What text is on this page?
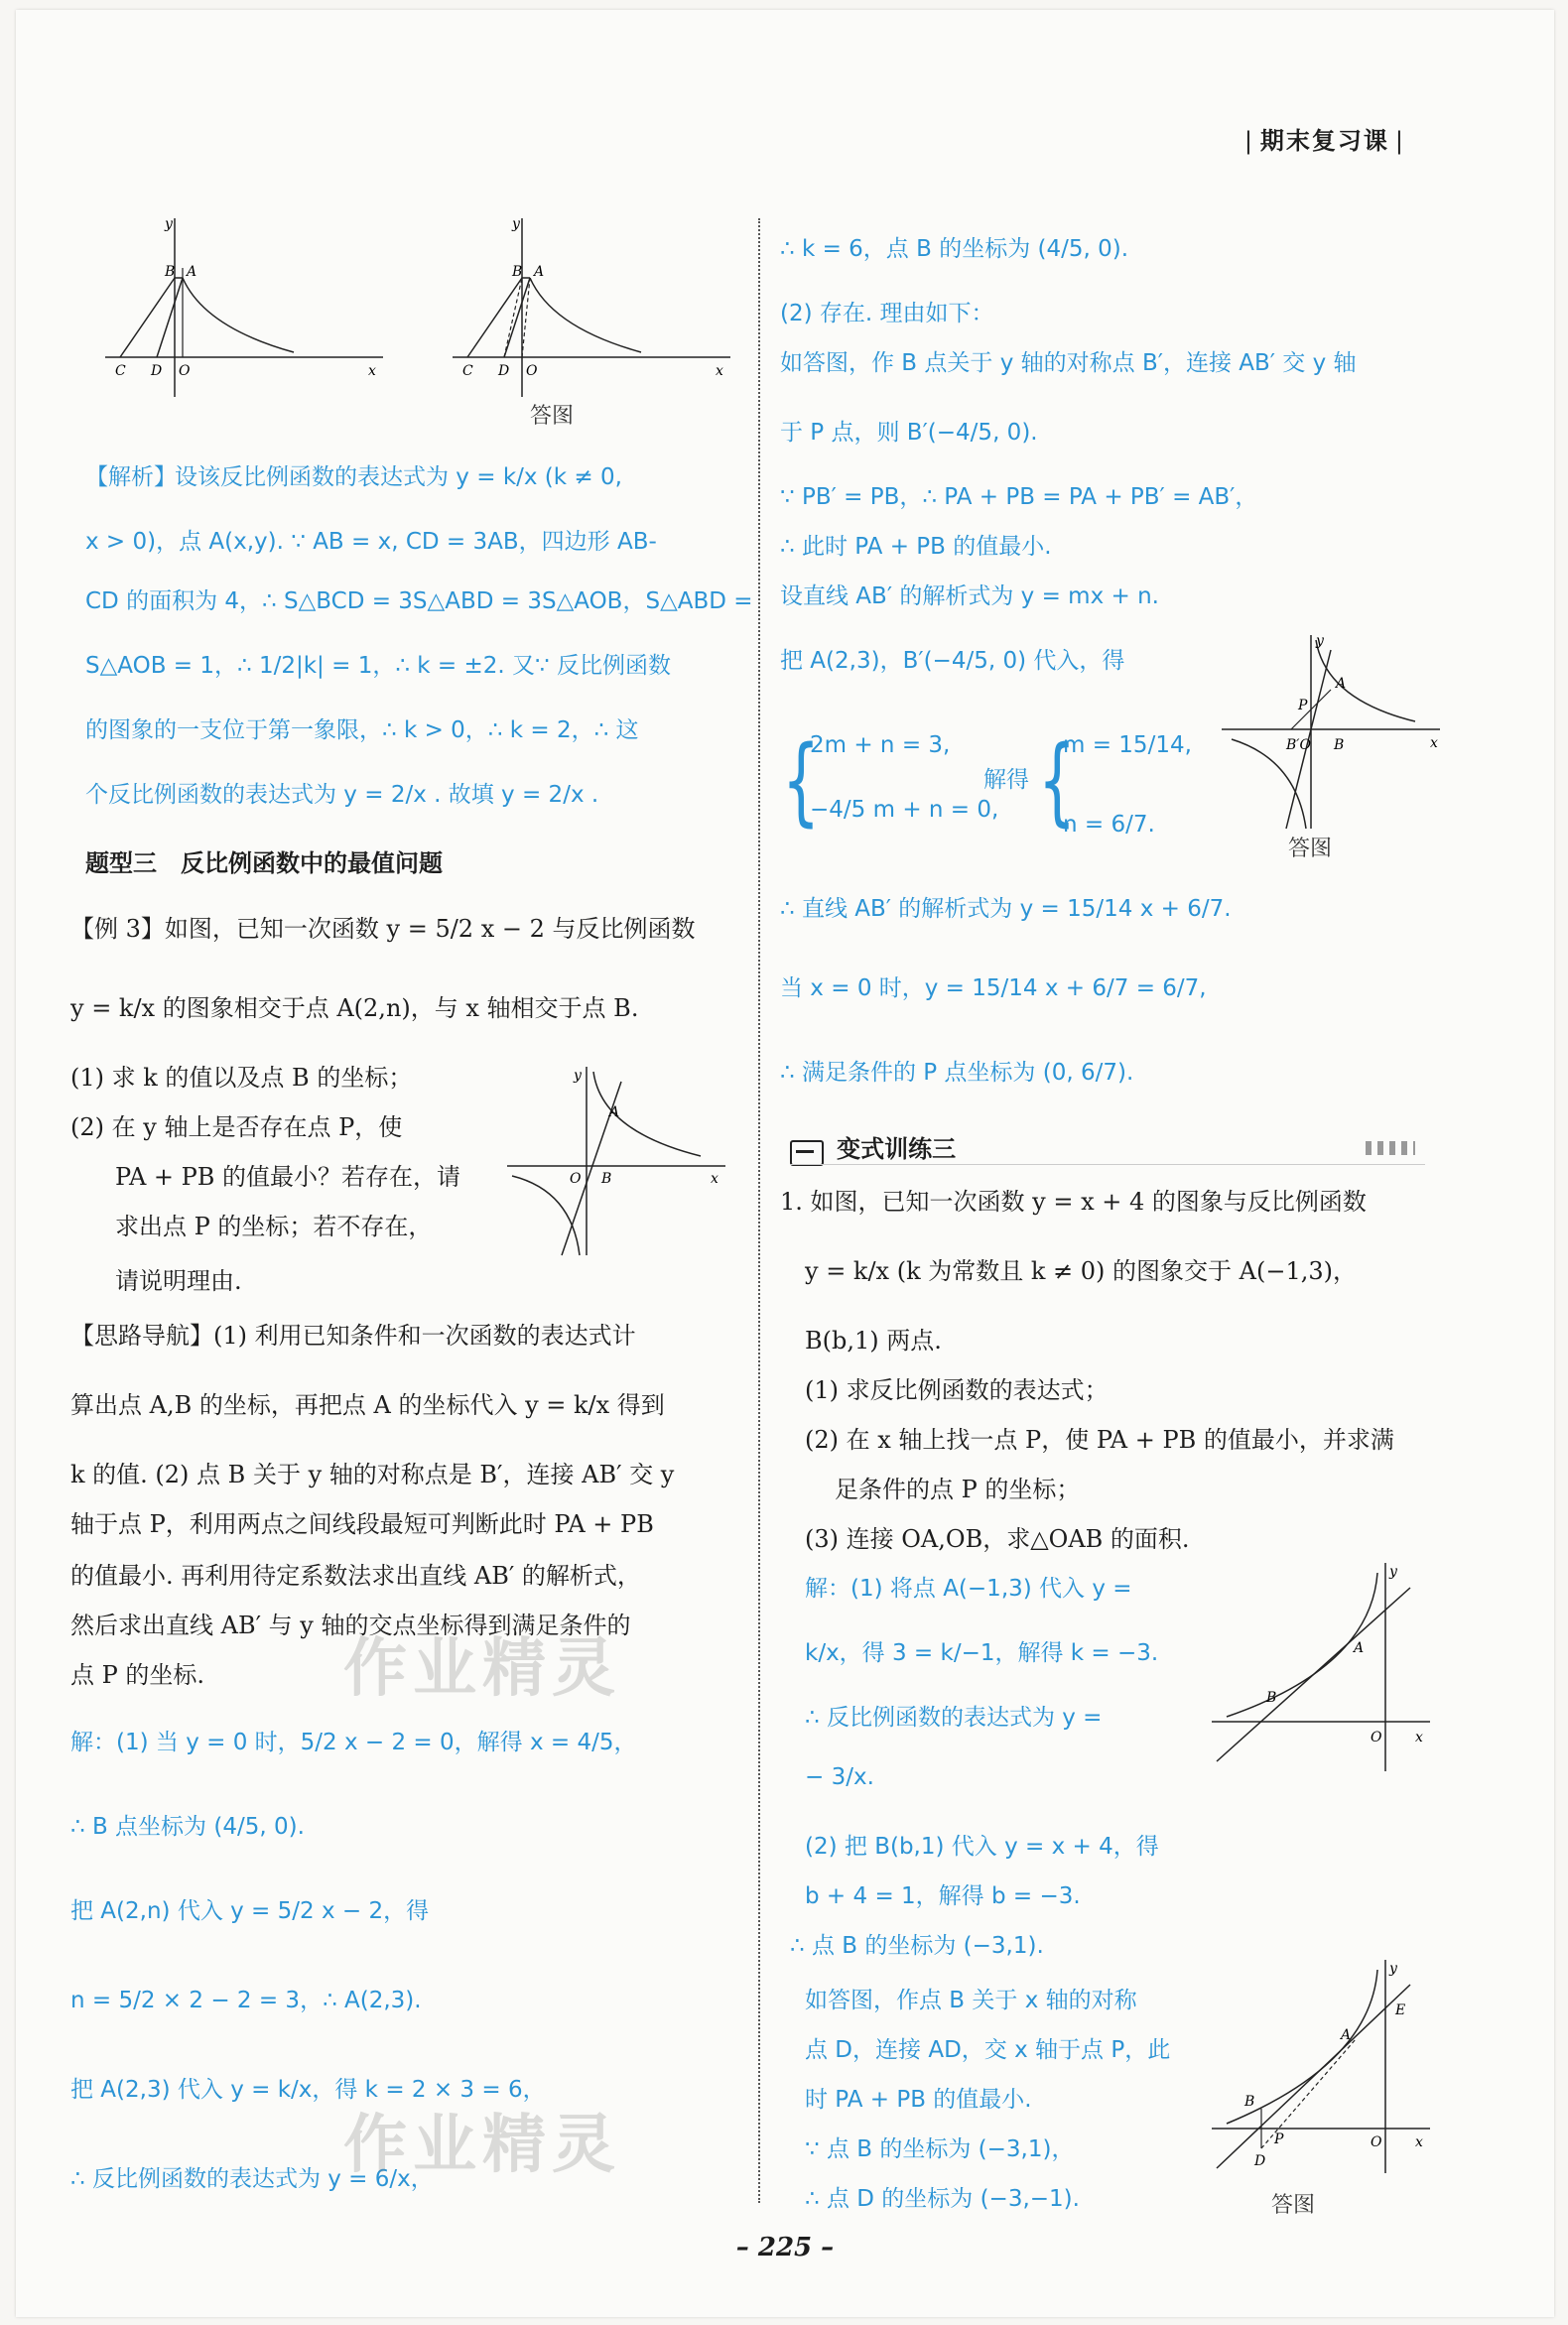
| 期末复习课 |
B A
C D O	x
y
B A
C D O	x
y
答图
【解析】
设该反比例函数的表达式为 y = k/x (k ≠ 0,
x > 0)，点 A(x,y). ∵ AB = x, CD = 3AB，四边形 AB-
CD 的面积为 4，∴ S△BCD = 3S△ABD = 3S△AOB，S△ABD =
S△AOB = 1，∴ 1/2|k| = 1，∴ k = ±2. 又∵ 反比例函数
的图象的一支位于第一象限，∴ k > 0，∴ k = 2，∴ 这
个反比例函数的表达式为 y = 2/x . 故填 y = 2/x .
题型三　反比例函数中的最值问题
【例 3】如图，已知一次函数 y = 5/2 x − 2 与反比例函数
y = k/x 的图象相交于点 A(2,n)，与 x 轴相交于点 B.
(1) 求 k 的值以及点 B 的坐标；
(2) 在 y 轴上是否存在点 P，使
PA + PB 的值最小？若存在，请
求出点 P 的坐标；若不存在，
请说明理由.
O B
A
x
y
【思路导航】(1) 利用已知条件和一次函数的表达式计
算出点 A,B 的坐标，再把点 A 的坐标代入 y = k/x 得到
k 的值. (2) 点 B 关于 y 轴的对称点是 B′，连接 AB′ 交 y
轴于点 P，利用两点之间线段最短可判断此时 PA + PB
的值最小. 再利用待定系数法求出直线 AB′ 的解析式，
然后求出直线 AB′ 与 y 轴的交点坐标得到满足条件的
点 P 的坐标.
解：(1) 当 y = 0 时，5/2 x − 2 = 0，解得 x = 4/5，
∴ B 点坐标为 (4/5, 0).
把 A(2,n) 代入 y = 5/2 x − 2，得
n = 5/2 × 2 − 2 = 3，∴ A(2,3).
把 A(2,3) 代入 y = k/x，得 k = 2 × 3 = 6，
∴ 反比例函数的表达式为 y = 6/x，
∴ k = 6，点 B 的坐标为 (4/5, 0).
(2) 存在. 理由如下：
如答图，作 B 点关于 y 轴的对称点 B′，连接 AB′ 交 y 轴
于 P 点，则 B′(−4/5, 0).
∵ PB′ = PB，∴ PA + PB = PA + PB′ = AB′，
∴ 此时 PA + PB 的值最小.
设直线 AB′ 的解析式为 y = mx + n.
把 A(2,3)，B′(−4/5, 0) 代入，得
{
2m + n = 3,
−4/5 m + n = 0,
解得 {
m = 15/14,
n = 6/7.
B′O B
P
A
x
y
答图
∴ 直线 AB′ 的解析式为 y = 15/14 x + 6/7.
当 x = 0 时，y = 15/14 x + 6/7 = 6/7,
∴ 满足条件的 P 点坐标为 (0, 6/7).
变式训练三
1. 如图，已知一次函数 y = x + 4 的图象与反比例函数
y = k/x (k 为常数且 k ≠ 0) 的图象交于 A(−1,3)，
B(b,1) 两点.
(1) 求反比例函数的表达式；
(2) 在 x 轴上找一点 P，使 PA + PB 的值最小，并求满
足条件的点 P 的坐标；
(3) 连接 OA,OB，求△OAB 的面积.
解：(1) 将点 A(−1,3) 代入 y =
k/x，得 3 = k/−1，解得 k = −3.
∴ 反比例函数的表达式为 y =
− 3/x.
(2) 把 B(b,1) 代入 y = x + 4，得
b + 4 = 1，解得 b = −3.
∴ 点 B 的坐标为 (−3,1).
如答图，作点 B 关于 x 轴的对称
点 D，连接 AD，交 x 轴于点 P，此
时 PA + PB 的值最小.
∵ 点 B 的坐标为 (−3,1)，
∴ 点 D 的坐标为 (−3,−1).
B
A
O x
y
B
A
E
P
D
O x
y
答图
作业精灵
作业精灵
– 225 –
